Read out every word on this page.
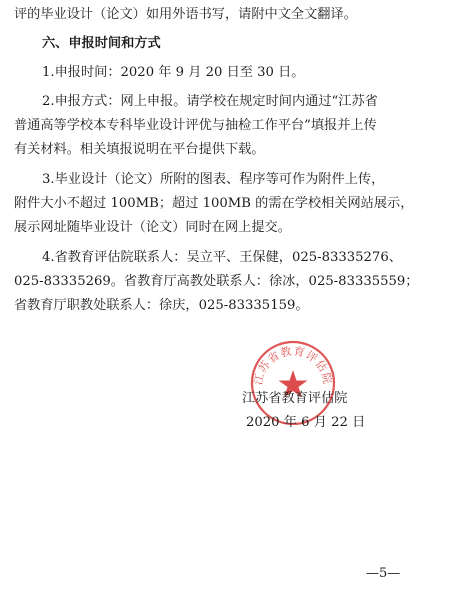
评的毕业设计（论文）如用外语书写，请附中文全文翻译。
六、申报时间和方式
1.申报时间：2020 年 9 月 20 日至 30 日。
2.申报方式：网上申报。请学校在规定时间内通过“江苏省
普通高等学校本专科毕业设计评优与抽检工作平台”填报并上传
有关材料。相关填报说明在平台提供下载。
3.毕业设计（论文）所附的图表、程序等可作为附件上传，
附件大小不超过 100MB；超过 100MB 的需在学校相关网站展示，
展示网址随毕业设计（论文）同时在网上提交。
4.省教育评估院联系人：吴立平、王保健，025-83335276、
025-83335269。省教育厅高教处联系人：徐冰，025-83335559；
省教育厅职教处联系人：徐庆，025-83335159。
江苏省教育评估院
江苏省教育评估院
2020 年 6 月 22 日
—5—
